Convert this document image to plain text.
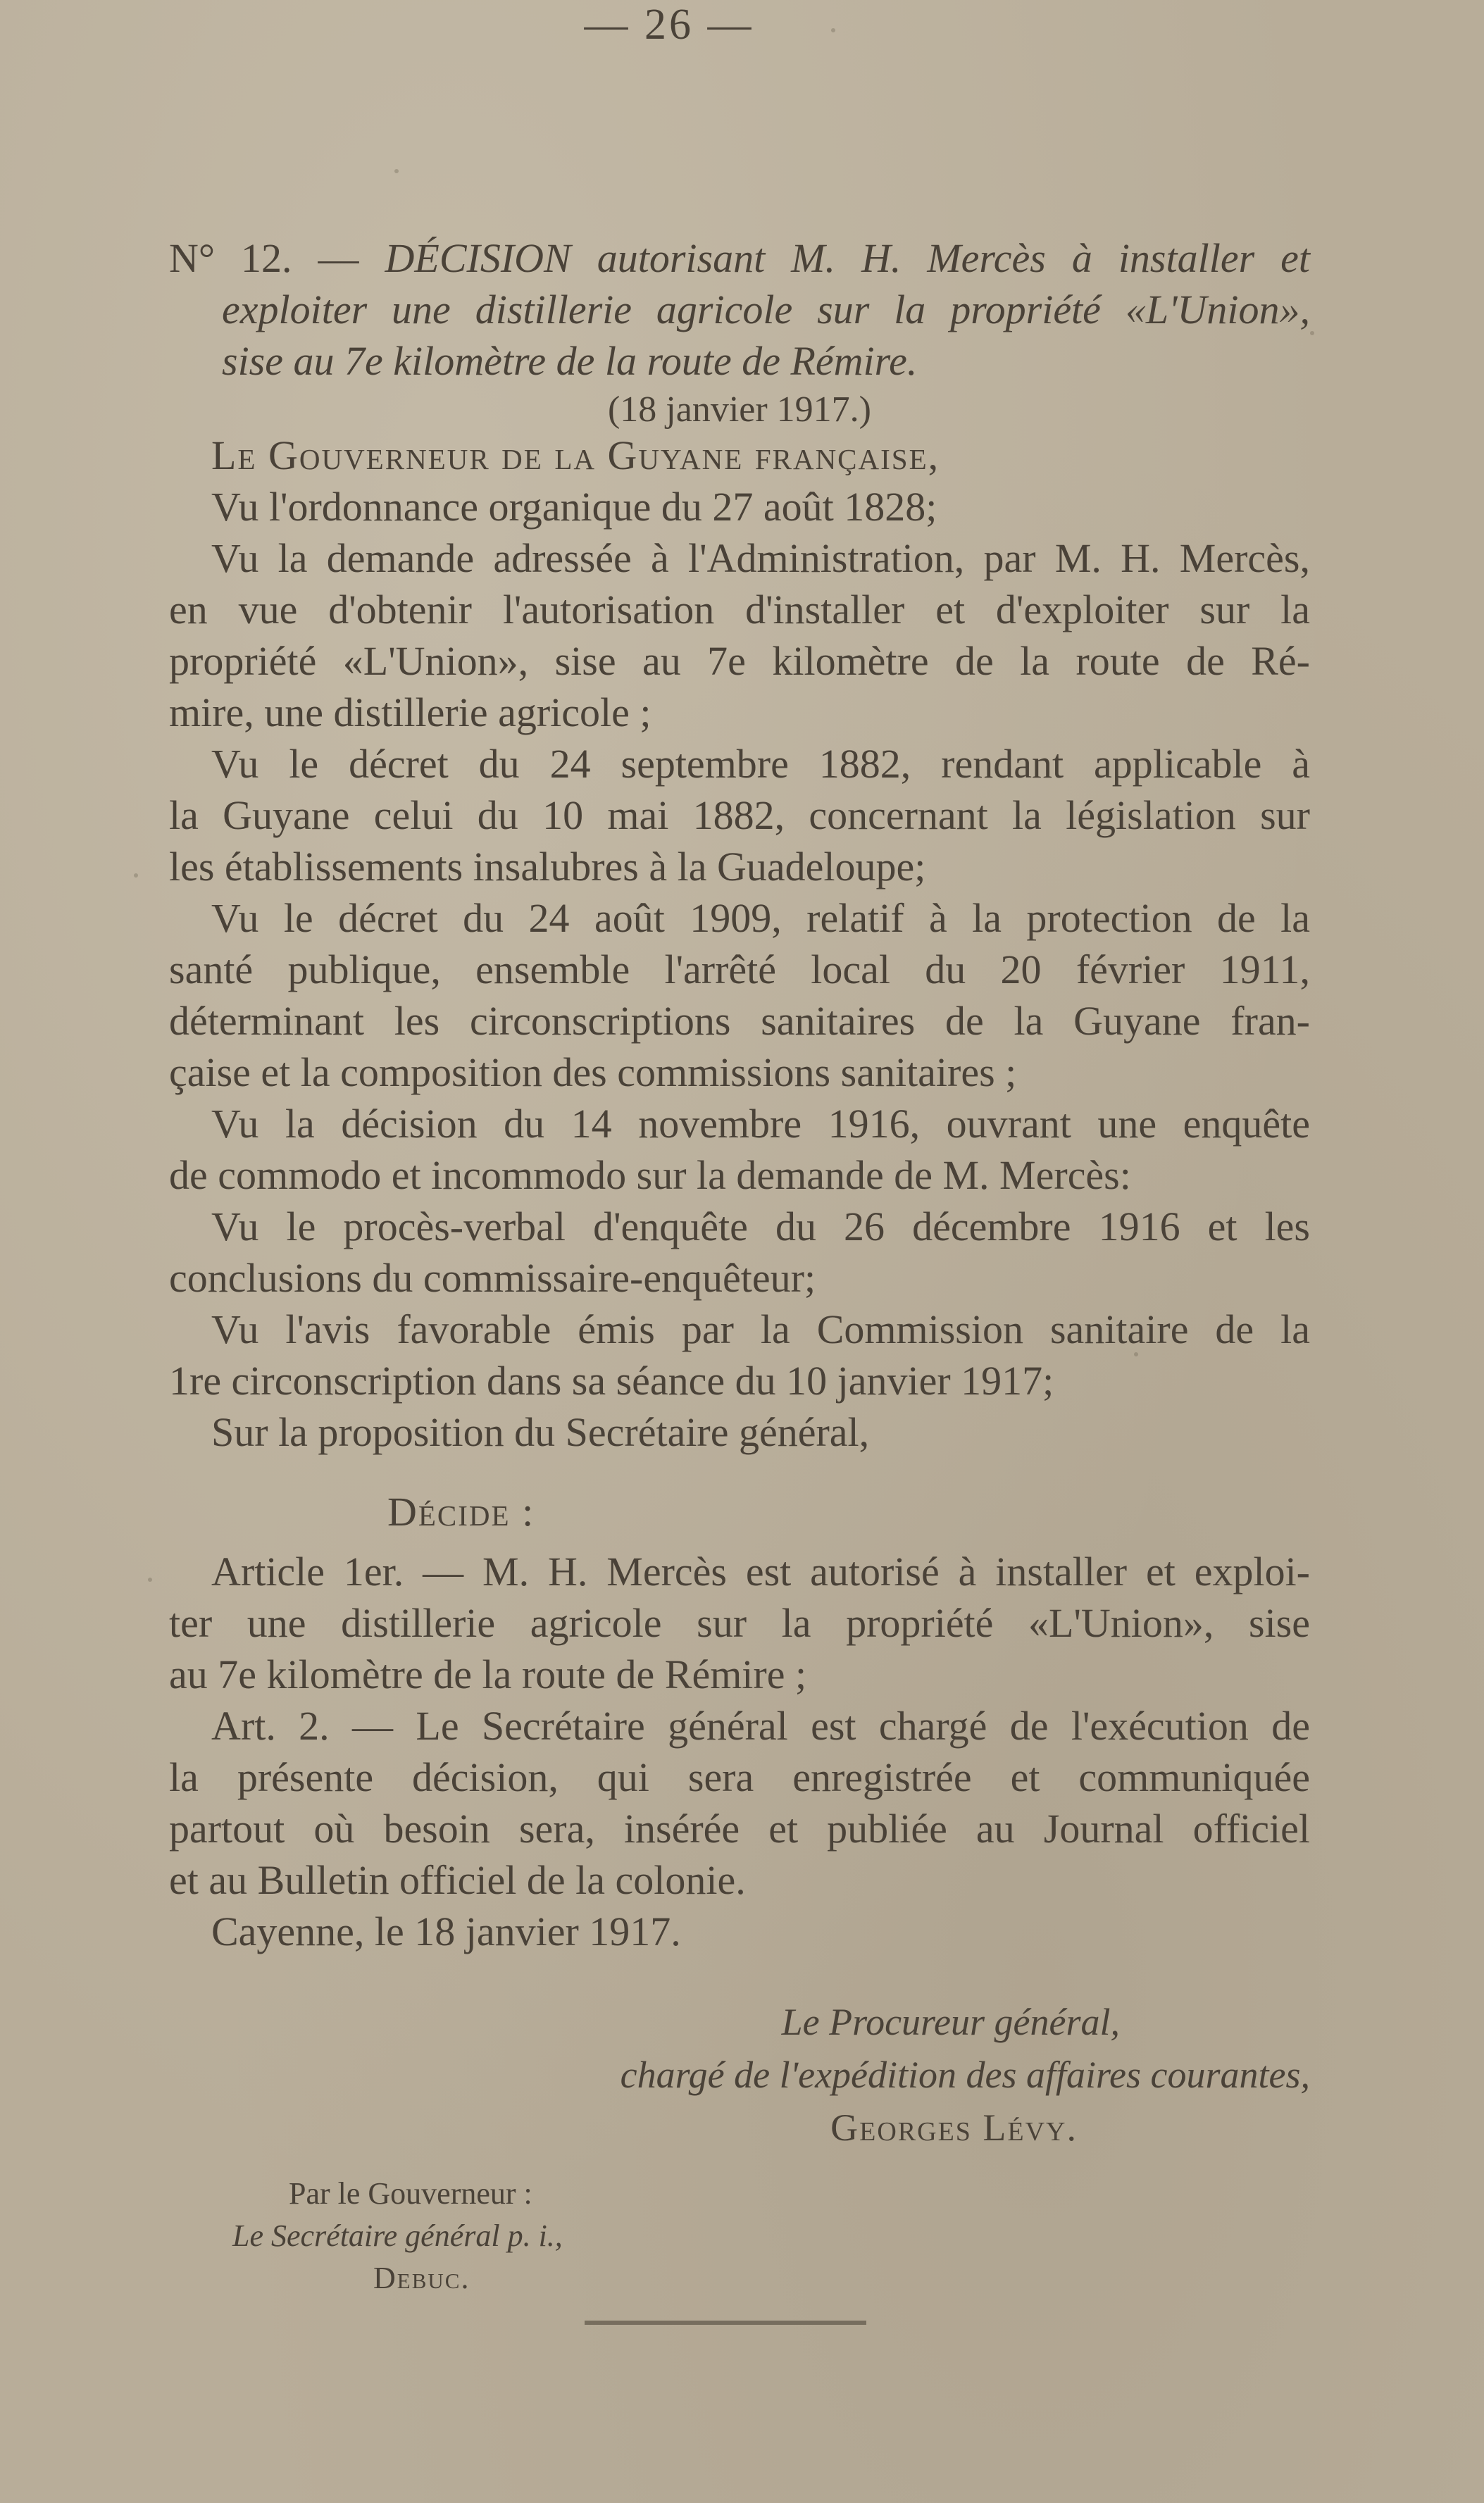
— 26 —
N° 12. — DÉCISION autorisant M. H. Mercès à installer et
exploiter une distillerie agricole sur la propriété «L'Union»,
sise au 7e kilomètre de la route de Rémire.
(18 janvier 1917.)
Le Gouverneur de la Guyane française,
Vu l'ordonnance organique du 27 août 1828;
Vu la demande adressée à l'Administration, par M. H. Mercès,
en vue d'obtenir l'autorisation d'installer et d'exploiter sur la
propriété «L'Union», sise au 7e kilomètre de la route de Ré-
mire, une distillerie agricole ;
Vu le décret du 24 septembre 1882, rendant applicable à
la Guyane celui du 10 mai 1882, concernant la législation sur
les établissements insalubres à la Guadeloupe;
Vu le décret du 24 août 1909, relatif à la protection de la
santé publique, ensemble l'arrêté local du 20 février 1911,
déterminant les circonscriptions sanitaires de la Guyane fran-
çaise et la composition des commissions sanitaires ;
Vu la décision du 14 novembre 1916, ouvrant une enquête
de commodo et incommodo sur la demande de M. Mercès:
Vu le procès-verbal d'enquête du 26 décembre 1916 et les
conclusions du commissaire-enquêteur;
Vu l'avis favorable émis par la Commission sanitaire de la
1re circonscription dans sa séance du 10 janvier 1917;
Sur la proposition du Secrétaire général,
Décide :
Article 1er. — M. H. Mercès est autorisé à installer et exploi-
ter une distillerie agricole sur la propriété «L'Union», sise
au 7e kilomètre de la route de Rémire ;
Art. 2. — Le Secrétaire général est chargé de l'exécution de
la présente décision, qui sera enregistrée et communiquée
partout où besoin sera, insérée et publiée au Journal officiel
et au Bulletin officiel de la colonie.
Cayenne, le 18 janvier 1917.
Le Procureur général,
chargé de l'expédition des affaires courantes,
Georges Lévy.
Par le Gouverneur :
Le Secrétaire général p. i.,
Debuc.
